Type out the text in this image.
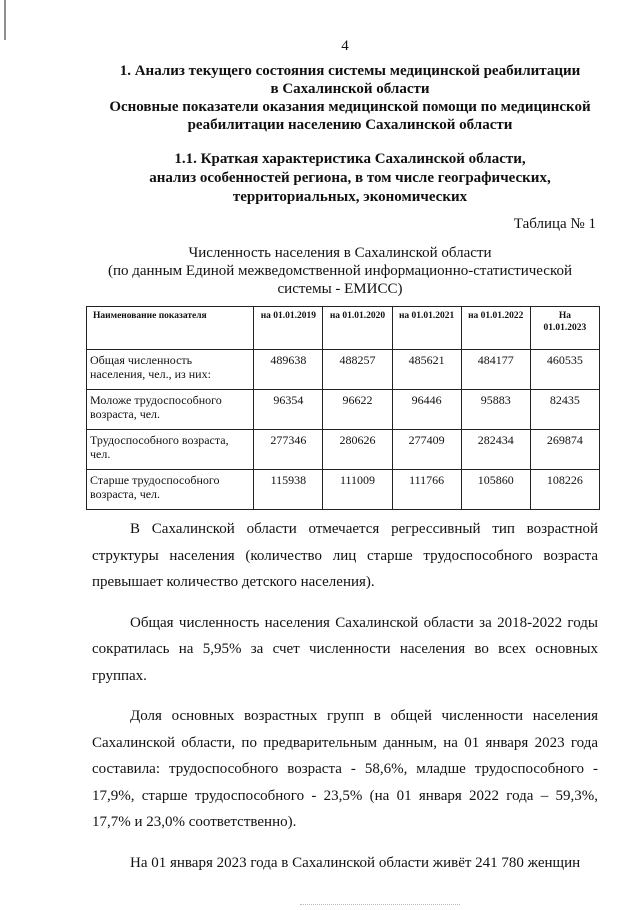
4
1. Анализ текущего состояния системы медицинской реабилитации
в Сахалинской области
Основные показатели оказания медицинской помощи по медицинской
реабилитации населению Сахалинской области
1.1. Краткая характеристика Сахалинской области,
анализ особенностей региона, в том числе географических,
территориальных, экономических
Таблица № 1
Численность населения в Сахалинской области
(по данным Единой межведомственной информационно-статистической
системы - ЕМИСС)
Наименование показателя	на 01.01.2019	на 01.01.2020	на 01.01.2021	на 01.01.2022	На
01.01.2023

Общая численность населения, чел., из них:	489638	488257	485621	484177	460535
Моложе трудоспособного возраста, чел.	96354	96622	96446	95883	82435
Трудоспособного возраста, чел.	277346	280626	277409	282434	269874
Старше трудоспособного возраста, чел.	115938	111009	111766	105860	108226

В Сахалинской области отмечается регрессивный тип возрастной структуры населения (количество лиц старше трудоспособного возраста превышает количество детского населения).

Общая численность населения Сахалинской области за 2018-2022 годы сократилась на 5,95% за счет численности населения во всех основных группах.

Доля основных возрастных групп в общей численности населения Сахалинской области, по предварительным данным, на 01 января 2023 года составила: трудоспособного возраста - 58,6%, младше трудоспособного - 17,9%, старше трудоспособного - 23,5% (на 01 января 2022 года – 59,3%, 17,7% и 23,0% соответственно).

На 01 января 2023 года в Сахалинской области живёт 241 780 женщин
